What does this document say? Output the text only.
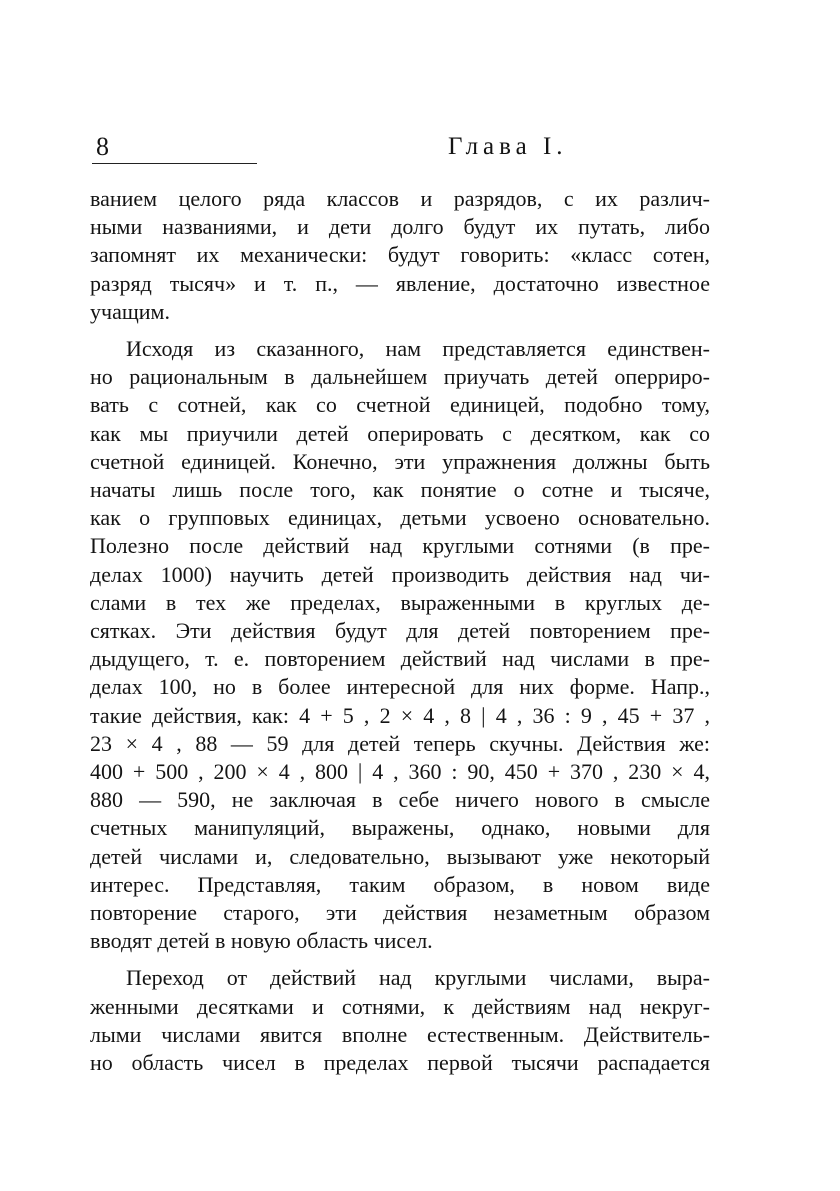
8	Глава I.

ванием целого ряда классов и разрядов, с их различ-
ными названиями, и дети долго будут их путать, либо
запомнят их механически: будут говорить: «класс сотен,
разряд тысяч» и т. п., — явление, достаточно известное
учащим.

Исходя из сказанного, нам представляется единствен-
но рациональным в дальнейшем приучать детей оперриро-
вать с сотней, как со счетной единицей, подобно тому,
как мы приучили детей оперировать с десятком, как со
счетной единицей. Конечно, эти упражнения должны быть
начаты лишь после того, как понятие о сотне и тысяче,
как о групповых единицах, детьми усвоено основательно.
Полезно после действий над круглыми сотнями (в пре-
делах 1000) научить детей производить действия над чи-
слами в тех же пределах, выраженными в круглых де-
сятках. Эти действия будут для детей повторением пре-
дыдущего, т. е. повторением действий над числами в пре-
делах 100, но в более интересной для них форме. Напр.,
такие действия, как: 4 + 5 , 2 × 4 , 8 | 4 , 36 : 9 , 45 + 37 ,
23 × 4 , 88 — 59 для детей теперь скучны. Действия же:
400 + 500 , 200 × 4 , 800 | 4 , 360 : 90, 450 + 370 , 230 × 4,
880 — 590, не заключая в себе ничего нового в смысле
счетных манипуляций, выражены, однако, новыми для
детей числами и, следовательно, вызывают уже некоторый
интерес. Представляя, таким образом, в новом виде
повторение старого, эти действия незаметным образом
вводят детей в новую область чисел.

Переход от действий над круглыми числами, выра-
женными десятками и сотнями, к действиям над некруг-
лыми числами явится вполне естественным. Действитель-
но область чисел в пределах первой тысячи распадается
